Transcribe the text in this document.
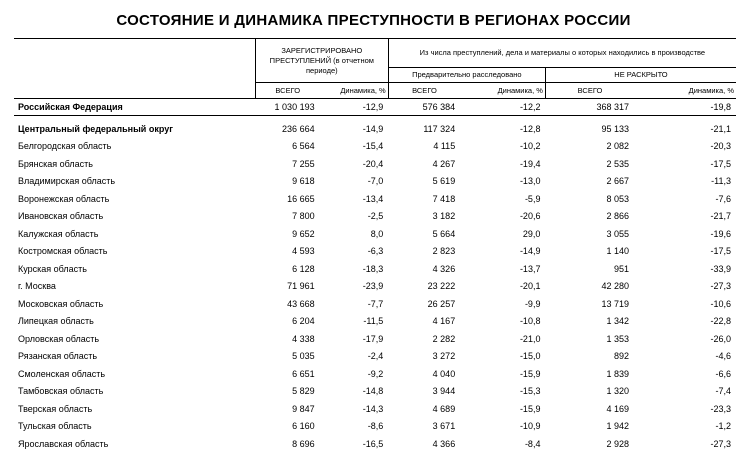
СОСТОЯНИЕ И ДИНАМИКА ПРЕСТУПНОСТИ В РЕГИОНАХ РОССИИ
	ЗАРЕГИСТРИРОВАНО ПРЕСТУПЛЕНИЙ (в отчетном периоде)		Из числа преступлений, дела и материалы о которых находились в производстве			
			Предварительно расследовано		НЕ РАСКРЫТО	
	ВСЕГО	Динамика, %	ВСЕГО	Динамика, %	ВСЕГО	Динамика, %
Российская Федерация	1 030 193	-12,9	576 384	-12,2	368 317	-19,8

Центральный федеральный округ	236 664	-14,9	117 324	-12,8	95 133	-21,1
Белгородская область	6 564	-15,4	4 115	-10,2	2 082	-20,3
Брянская область	7 255	-20,4	4 267	-19,4	2 535	-17,5
Владимирская область	9 618	-7,0	5 619	-13,0	2 667	-11,3
Воронежская область	16 665	-13,4	7 418	-5,9	8 053	-7,6
Ивановская область	7 800	-2,5	3 182	-20,6	2 866	-21,7
Калужская область	9 652	8,0	5 664	29,0	3 055	-19,6
Костромская область	4 593	-6,3	2 823	-14,9	1 140	-17,5
Курская область	6 128	-18,3	4 326	-13,7	951	-33,9
г. Москва	71 961	-23,9	23 222	-20,1	42 280	-27,3
Московская область	43 668	-7,7	26 257	-9,9	13 719	-10,6
Липецкая область	6 204	-11,5	4 167	-10,8	1 342	-22,8
Орловская область	4 338	-17,9	2 282	-21,0	1 353	-26,0
Рязанская область	5 035	-2,4	3 272	-15,0	892	-4,6
Смоленская область	6 651	-9,2	4 040	-15,9	1 839	-6,6
Тамбовская область	5 829	-14,8	3 944	-15,3	1 320	-7,4
Тверская область	9 847	-14,3	4 689	-15,9	4 169	-23,3
Тульская область	6 160	-8,6	3 671	-10,9	1 942	-1,2
Ярославская область	8 696	-16,5	4 366	-8,4	2 928	-27,3
